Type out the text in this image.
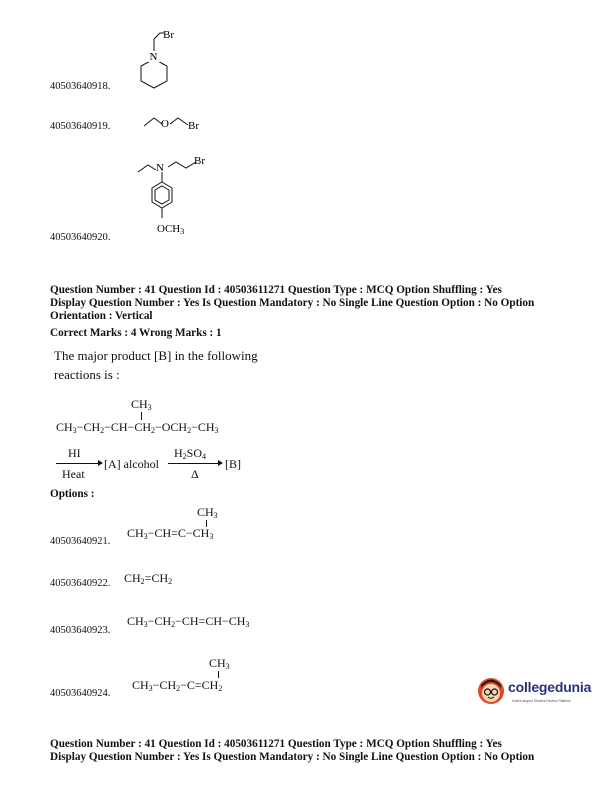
Br
N
40503640918.
O Br
40503640919.
N
Br
OCH3
40503640920.
Question Number : 41 Question Id : 40503611271 Question Type : MCQ Option Shuffling : Yes
Display Question Number : Yes Is Question Mandatory : No Single Line Question Option : No Option
Orientation : Vertical
Correct Marks : 4 Wrong Marks : 1
The major product [B] in the following
reactions is :
$CH_3$
$CH_3-CH_2-CH-CH_2-OCH_2-CH_3$
HI
Heat
[A] alcohol
$H_2SO_4$
Δ
[B]
Options :
$CH_3$
$CH_3-CH=C-CH_3$
40503640921.
$CH_2=CH_2$
40503640922.
$CH_3-CH_2-CH=CH-CH_3$
40503640923.
$CH_3$
$CH_3-CH_2-C=CH_2$
40503640924.	collegedunia
India's largest Student Review Platform
Question Number : 41 Question Id : 40503611271 Question Type : MCQ Option Shuffling : Yes
Display Question Number : Yes Is Question Mandatory : No Single Line Question Option : No Option
